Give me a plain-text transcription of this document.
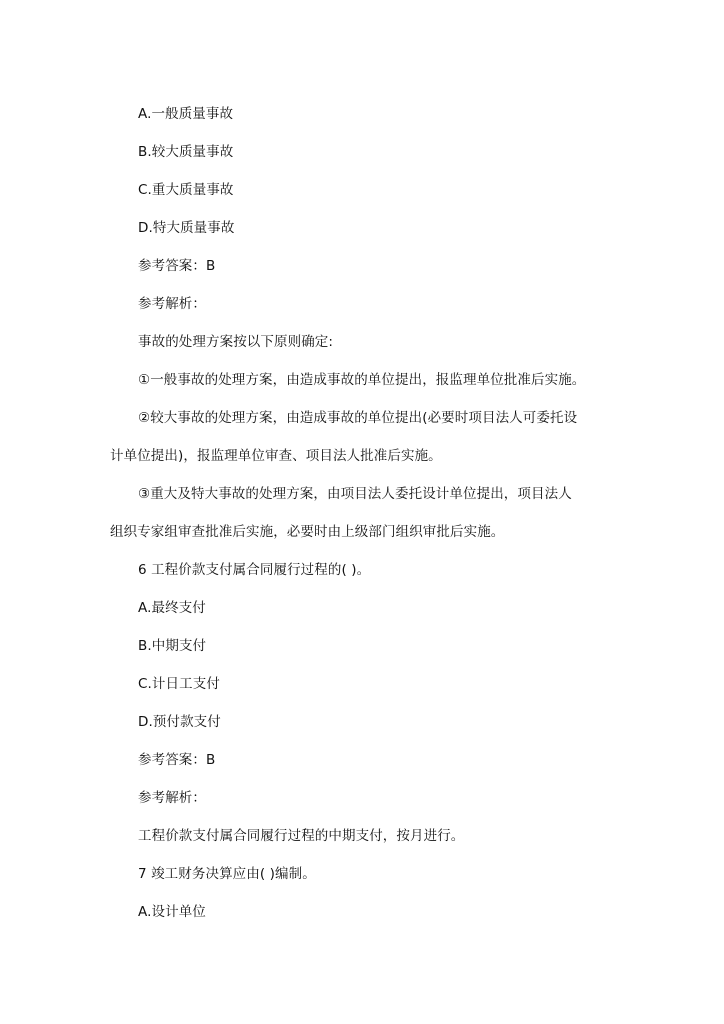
A.一般质量事故
B.较大质量事故
C.重大质量事故
D.特大质量事故
参考答案：B
参考解析：
事故的处理方案按以下原则确定:
①一般事故的处理方案，由造成事故的单位提出，报监理单位批准后实施。
②较大事故的处理方案，由造成事故的单位提出(必要时项目法人可委托设
计单位提出)，报监理单位审查、项目法人批准后实施。
③重大及特大事故的处理方案，由项目法人委托设计单位提出，项目法人
组织专家组审查批准后实施，必要时由上级部门组织审批后实施。
6 工程价款支付属合同履行过程的( )。
A.最终支付
B.中期支付
C.计日工支付
D.预付款支付
参考答案：B
参考解析：
工程价款支付属合同履行过程的中期支付，按月进行。
7 竣工财务决算应由( )编制。
A.设计单位
